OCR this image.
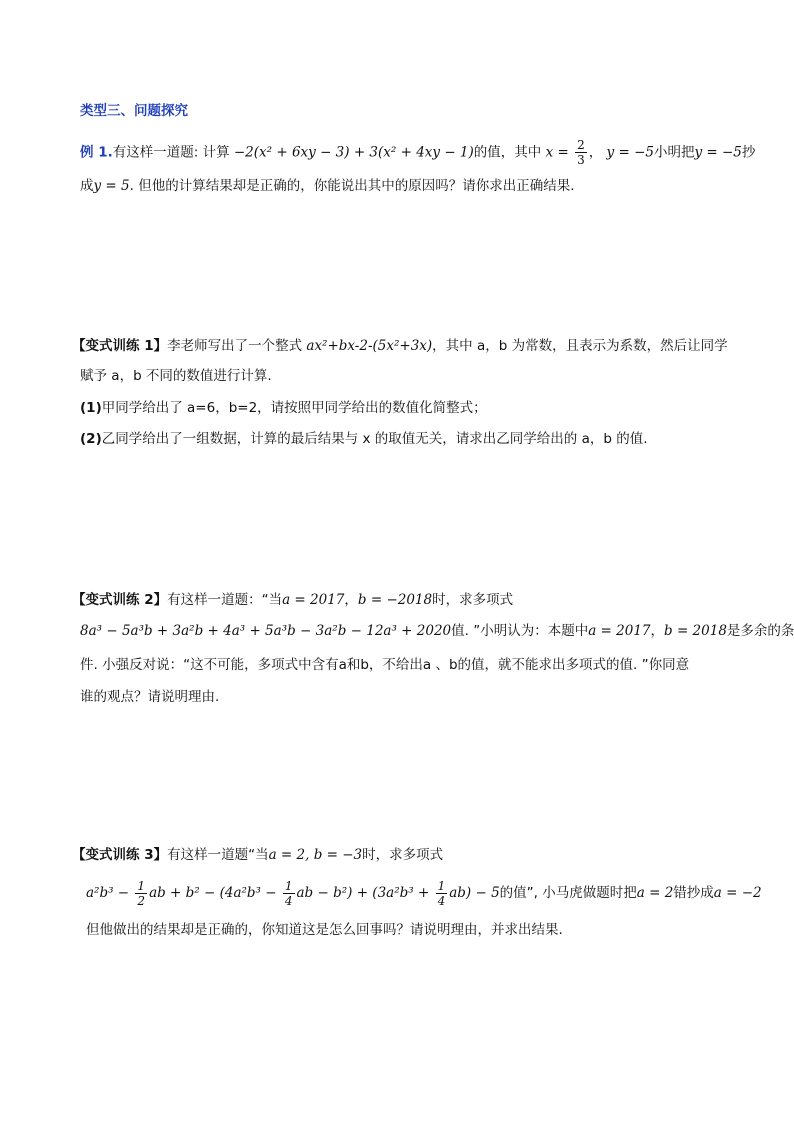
类型三、问题探究
例 1.有这样一道题: 计算 −2(x² + 6xy − 3) + 3(x² + 4xy − 1)的值，其中 $x = \frac{2}{3}$ ， y = −5小明把y = −5抄
成y = 5. 但他的计算结果却是正确的，你能说出其中的原因吗？请你求出正确结果.
【变式训练 1】李老师写出了一个整式 ax²+bx-2-(5x²+3x)，其中 a，b 为常数，且表示为系数，然后让同学
赋予 a，b 不同的数值进行计算.
(1)甲同学给出了 a=6，b=2，请按照甲同学给出的数值化简整式；
(2)乙同学给出了一组数据，计算的最后结果与 x 的取值无关，请求出乙同学给出的 a，b 的值.
【变式训练 2】有这样一道题：“当a = 2017，b = −2018时，求多项式
8a³ − 5a³b + 3a²b + 4a³ + 5a³b − 3a²b − 12a³ + 2020值. ”小明认为：本题中a = 2017，b = 2018是多余的条
件. 小强反对说：“这不可能，多项式中含有a和b，不给出a 、b的值，就不能求出多项式的值. ”你同意
谁的观点？请说明理由.
【变式训练 3】有这样一道题“当a = 2, b = −3时，求多项式
$a^2b^3 - \frac{1}{2}$ ab + $b^2 - (4a^2b^3 - \frac{1}{4}$ ab − $b^2) + (3a^2b^3 + \frac{1}{4} ab) - 5$的值”, 小马虎做题时把a = 2错抄成a = −2
但他做出的结果却是正确的，你知道这是怎么回事吗？请说明理由，并求出结果.
